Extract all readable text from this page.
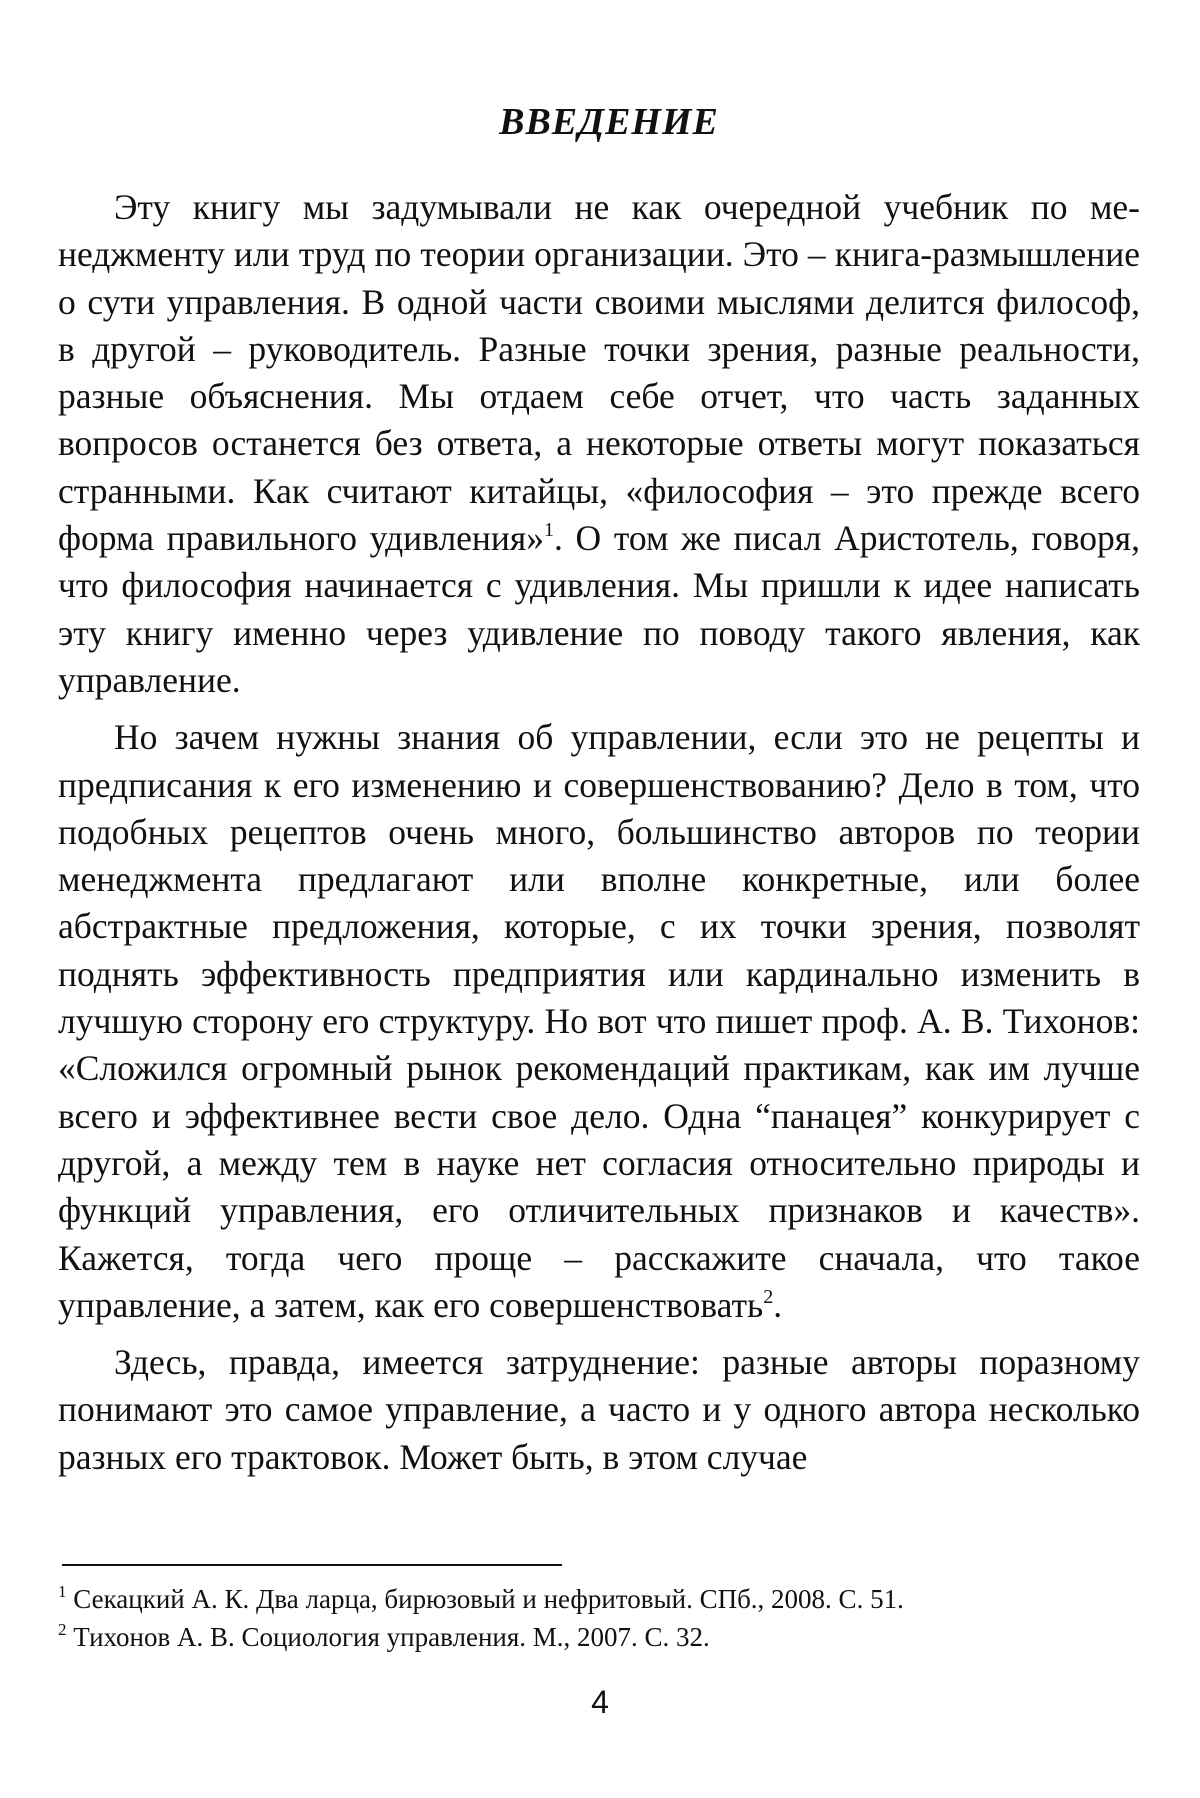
ВВЕДЕНИЕ

Эту книгу мы задумывали не как очередной учебник по менеджменту или труд по теории организации. Это – книга-размышление о сути управления. В одной части своими мыслями делится философ, в другой – руководитель. Разные точки зрения, разные реальности, разные объяснения. Мы отдаем себе отчет, что часть заданных вопросов останется без ответа, а некоторые ответы могут показаться странными. Как считают китайцы, «философия – это прежде всего форма правильного удивления»$^1$. О том же писал Аристотель, говоря, что философия начинается с удивления. Мы пришли к идее написать эту книгу именно через удивление по поводу такого явления, как управление.

Но зачем нужны знания об управлении, если это не рецепты и предписания к его изменению и совершенствованию? Дело в том, что подобных рецептов очень много, большинство авторов по теории менеджмента предлагают или вполне конкретные, или более абстрактные предложения, которые, с их точки зрения, позволят поднять эффективность предприятия или кардинально изменить в лучшую сторону его структуру. Но вот что пишет проф. А. В. Тихонов: «Сложился огромный рынок рекомендаций практикам, как им лучше всего и эффективнее вести свое дело. Одна “панацея” конкурирует с другой, а между тем в науке нет согласия относительно природы и функций управления, его отличительных признаков и качеств». Кажется, тогда чего проще – расскажите сначала, что такое управление, а затем, как его совершенствовать$^2$.

Здесь, правда, имеется затруднение: разные авторы поразному понимают это самое управление, а часто и у одного автора несколько разных его трактовок. Может быть, в этом случае

$^1$ Секацкий А. К. Два ларца, бирюзовый и нефритовый. СПб., 2008. С. 51.

$^2$ Тихонов А. В. Социология управления. М., 2007. С. 32.

4
